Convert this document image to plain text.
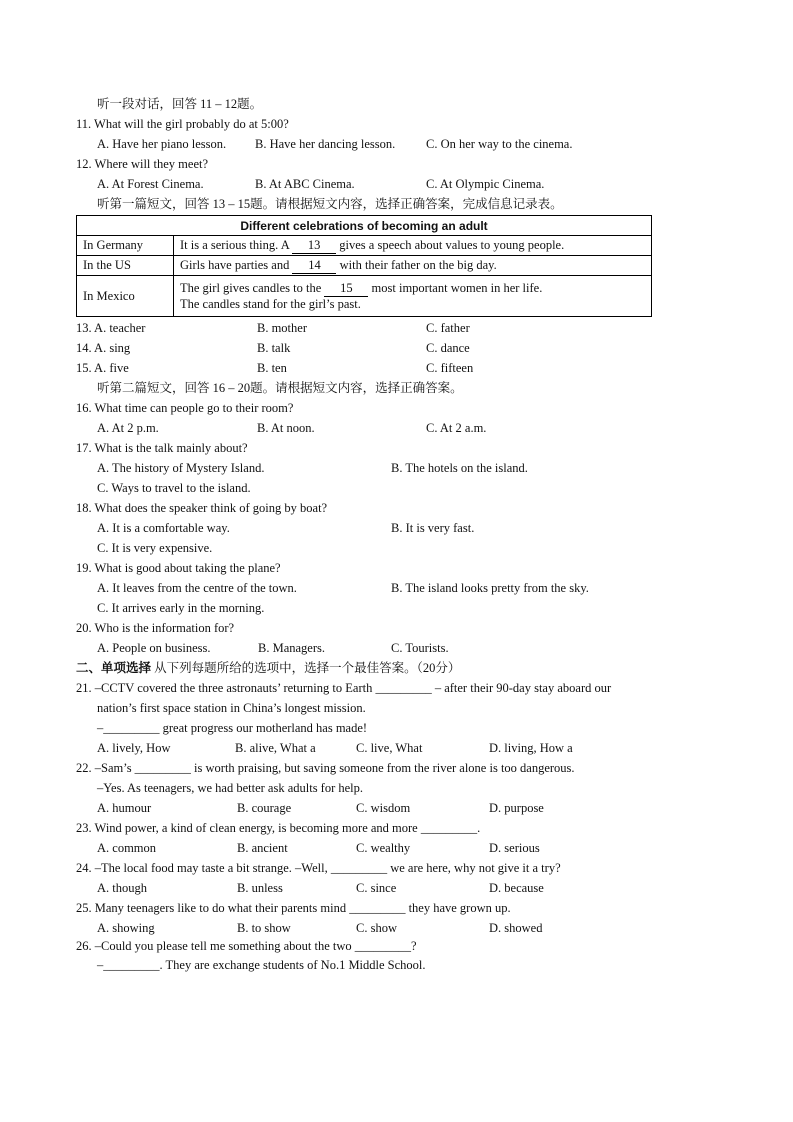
听一段对话，回答 11 – 12题。
11. What will the girl probably do at 5:00?
A. Have her piano lesson. B. Have her dancing lesson. C. On her way to the cinema.
12. Where will they meet?
A. At Forest Cinema.	B. At ABC Cinema.	C. At Olympic Cinema.
听第一篇短文，回答 13 – 15题。请根据短文内容，选择正确答案，完成信息记录表。
Different celebrations of becoming an adult	
In Germany	It is a serious thing. A 13 gives a speech about values to young people.
In the US	Girls have parties and 14 with their father on the big day.
In Mexico	The girl gives candles to the 15 most important women in her life.
The candles stand for the girl’s past.
13. A. teacher	B. mother	C. father
14. A. sing	B. talk	C. dance
15. A. five	B. ten	C. fifteen
听第二篇短文，回答 16 – 20题。请根据短文内容，选择正确答案。
16. What time can people go to their room?
A. At 2 p.m.	B. At noon.	C. At 2 a.m.
17. What is the talk mainly about?
A. The history of Mystery Island.	B. The hotels on the island.
C. Ways to travel to the island.
18. What does the speaker think of going by boat?
A. It is a comfortable way.	B. It is very fast.
C. It is very expensive.
19. What is good about taking the plane?
A. It leaves from the centre of the town.	B. The island looks pretty from the sky.
C. It arrives early in the morning.
20. Who is the information for?
A. People on business.	B. Managers.	C. Tourists.
二、单项选择 从下列每题所给的选项中，选择一个最佳答案。（20分）
21. –CCTV covered the three astronauts’ returning to Earth _________ – after their 90-day stay aboard our
nation’s first space station in China’s longest mission.
–_________ great progress our motherland has made!
A. lively, How	B. alive, What a	C. live, What	D. living, How a
22. –Sam’s _________ is worth praising, but saving someone from the river alone is too dangerous.
–Yes. As teenagers, we had better ask adults for help.
A. humour	B. courage	C. wisdom	D. purpose
23. Wind power, a kind of clean energy, is becoming more and more _________.
A. common	B. ancient	C. wealthy	D. serious
24. –The local food may taste a bit strange. –Well, _________ we are here, why not give it a try?
A. though	B. unless	C. since	D. because
25. Many teenagers like to do what their parents mind _________ they have grown up.
A. showing	B. to show	C. show	D. showed
26. –Could you please tell me something about the two _________?
–_________. They are exchange students of No.1 Middle School.
